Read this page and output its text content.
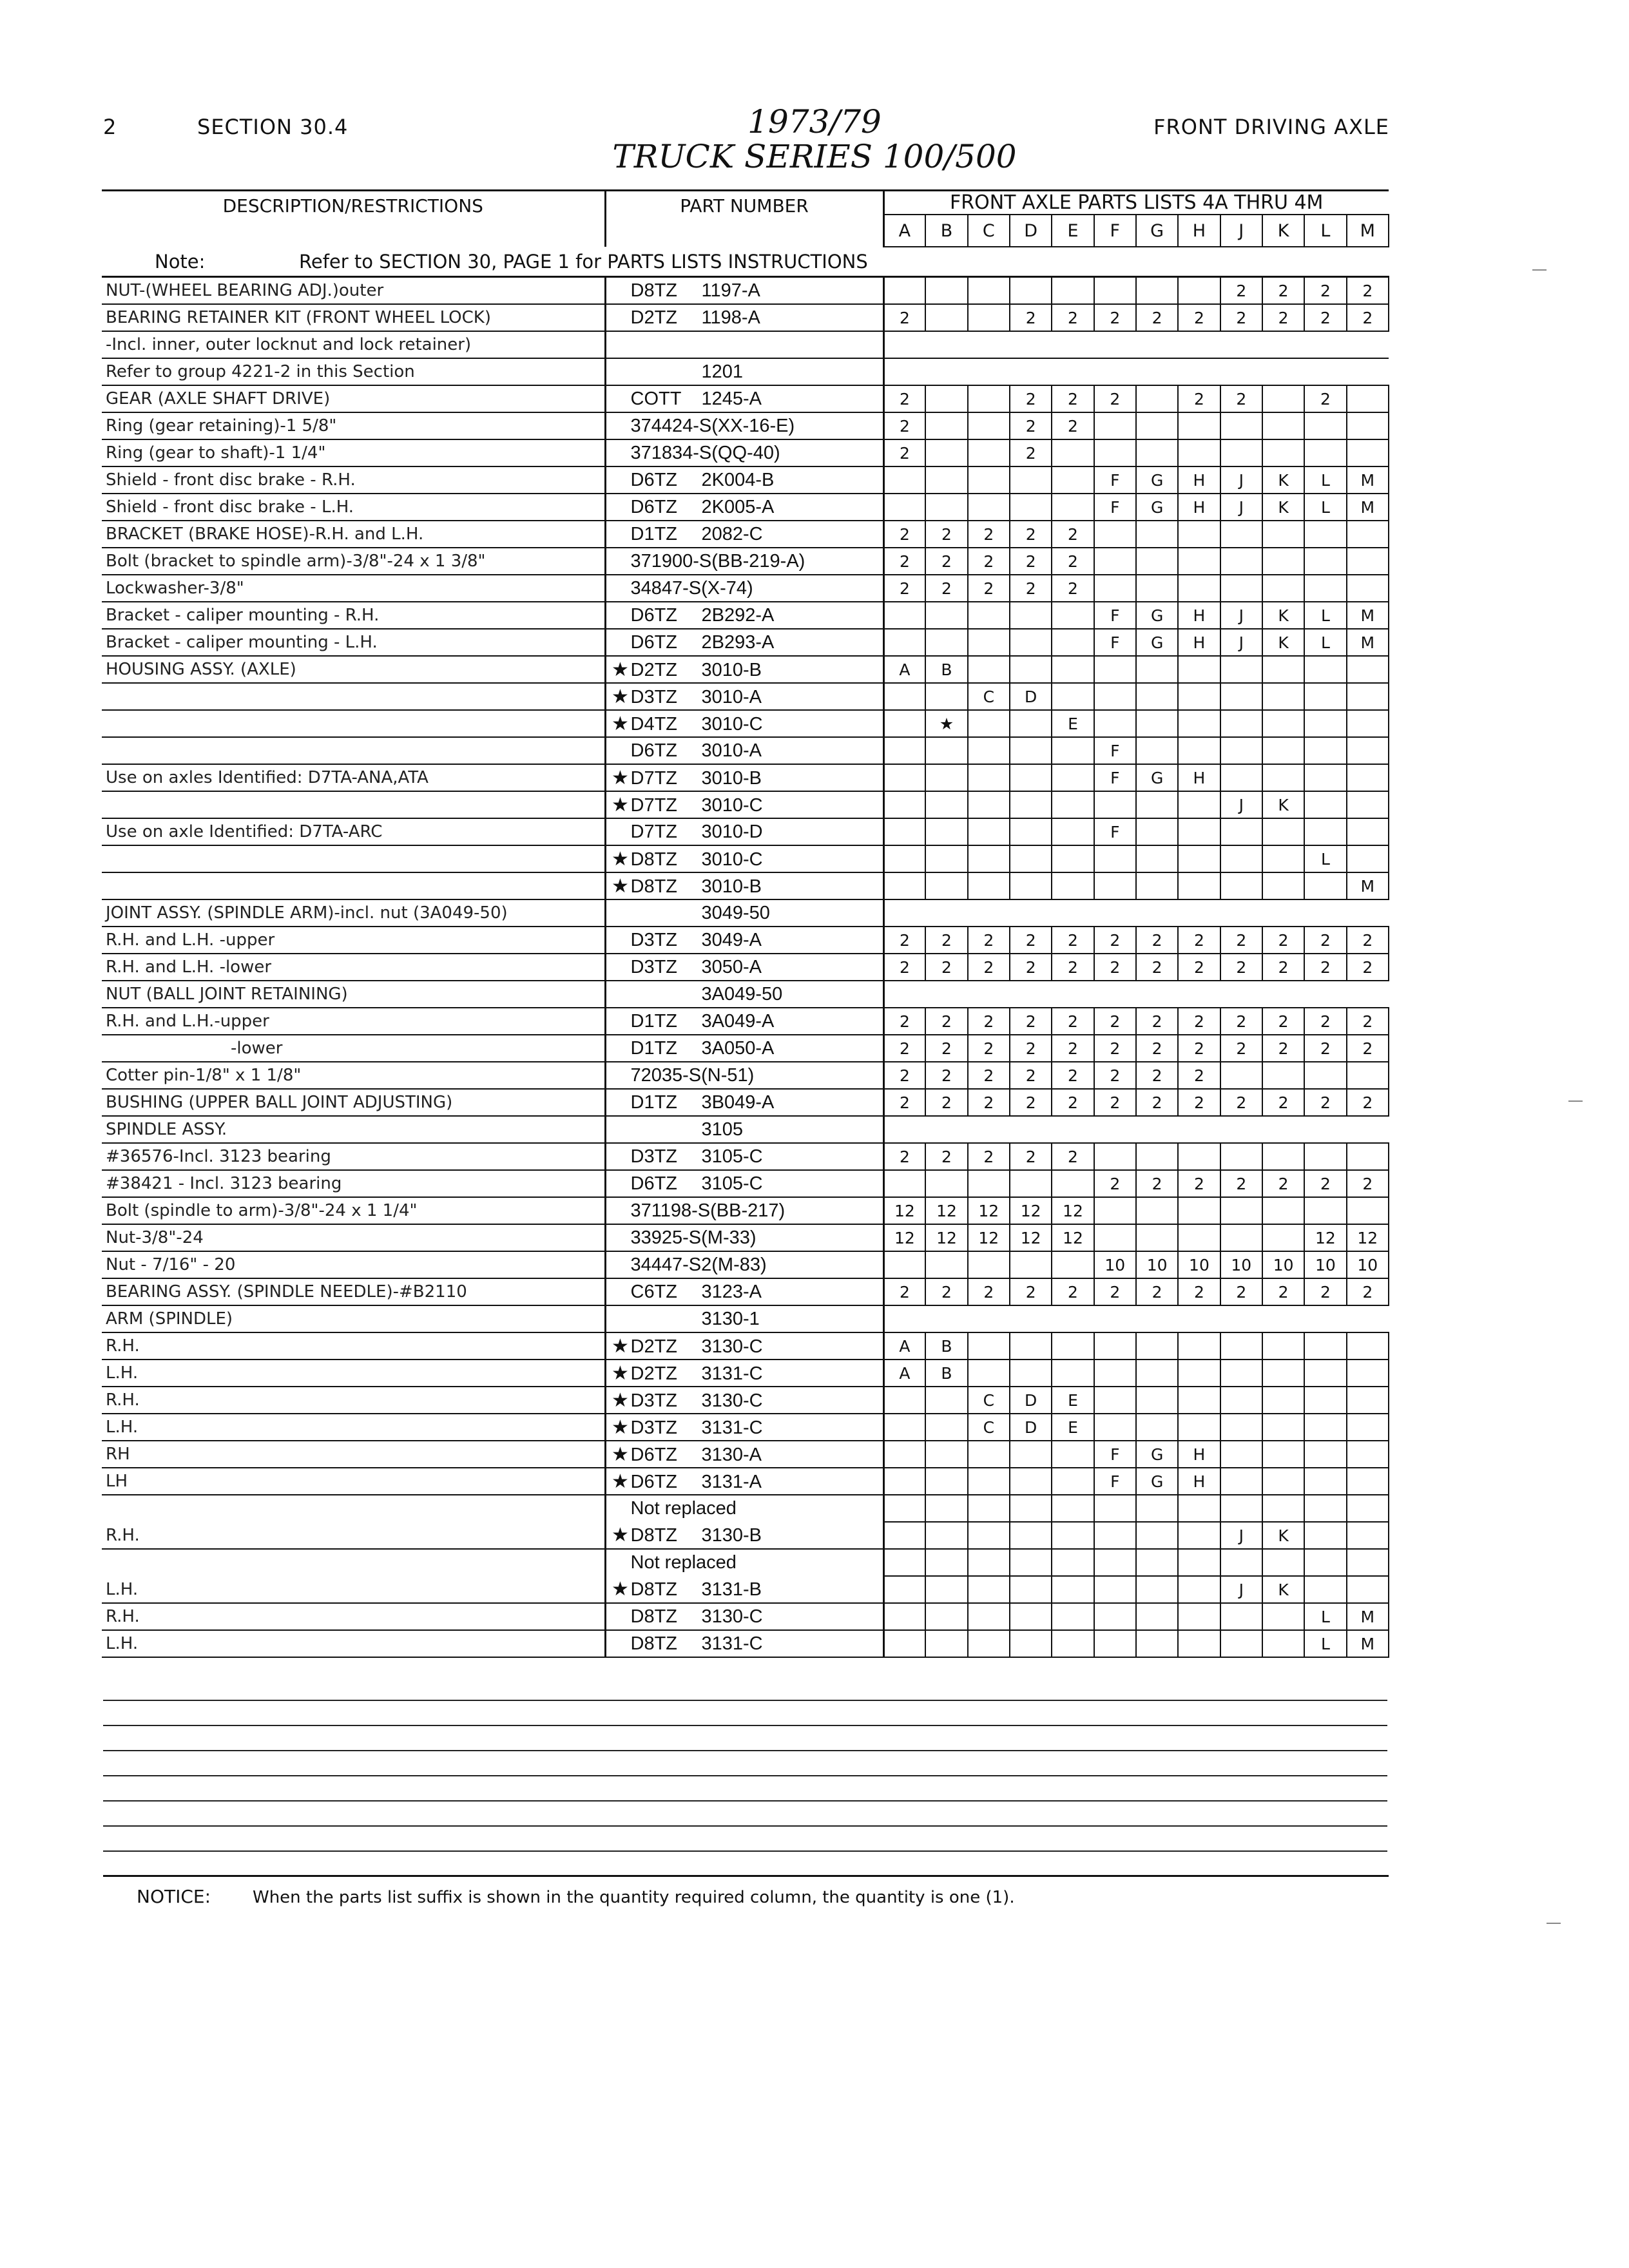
2	SECTION 30.4	1973/79
TRUCK SERIES 100/500
FRONT DRIVING AXLE
DESCRIPTION/RESTRICTIONS	PART NUMBER	FRONT AXLE PARTS LISTS 4A THRU 4M											
		A	B	C	D	E	F	G	H	J	K	L	M
Note: Refer to SECTION 30, PAGE 1 for PARTS LISTS INSTRUCTIONS													
NUT-(WHEEL BEARING ADJ.)outer	D8TZ 1197-A									2	2	2	2
BEARING RETAINER KIT (FRONT WHEEL LOCK)	D2TZ 1198-A	2			2	2	2	2	2	2	2	2	2
-Incl. inner, outer locknut and lock retainer)													
Refer to group 4221-2 in this Section	1201												
GEAR (AXLE SHAFT DRIVE)	COTT 1245-A	2			2	2	2		2	2		2	
Ring (gear retaining)-1 5/8"	374424-S(XX-16-E)	2			2	2							
Ring (gear to shaft)-1 1/4"	371834-S(QQ-40)	2			2								
Shield - front disc brake - R.H.	D6TZ 2K004-B						F	G	H	J	K	L	M
Shield - front disc brake - L.H.	D6TZ 2K005-A						F	G	H	J	K	L	M
BRACKET (BRAKE HOSE)-R.H. and L.H.	D1TZ 2082-C	2	2	2	2	2							
Bolt (bracket to spindle arm)-3/8"-24 x 1 3/8"	371900-S(BB-219-A)	2	2	2	2	2							
Lockwasher-3/8"	34847-S(X-74)	2	2	2	2	2							
Bracket - caliper mounting - R.H.	D6TZ 2B292-A						F	G	H	J	K	L	M
Bracket - caliper mounting - L.H.	D6TZ 2B293-A						F	G	H	J	K	L	M
HOUSING ASSY. (AXLE)	★D2TZ 3010-B	A	B										
	★D3TZ 3010-A			C	D								
	★D4TZ 3010-C		★			E							
	D6TZ 3010-A						F						
Use on axles Identified: D7TA-ANA,ATA	★D7TZ 3010-B						F	G	H				
	★D7TZ 3010-C									J	K		
Use on axle Identified: D7TA-ARC	D7TZ 3010-D						F						
	★D8TZ 3010-C											L	
	★D8TZ 3010-B												M
JOINT ASSY. (SPINDLE ARM)-incl. nut (3A049-50)	3049-50												
R.H. and L.H. -upper	D3TZ 3049-A	2	2	2	2	2	2	2	2	2	2	2	2
R.H. and L.H. -lower	D3TZ 3050-A	2	2	2	2	2	2	2	2	2	2	2	2
NUT (BALL JOINT RETAINING)	3A049-50												
R.H. and L.H.-upper	D1TZ 3A049-A	2	2	2	2	2	2	2	2	2	2	2	2
-lower	D1TZ 3A050-A	2	2	2	2	2	2	2	2	2	2	2	2
Cotter pin-1/8" x 1 1/8"	72035-S(N-51)	2	2	2	2	2	2	2	2				
BUSHING (UPPER BALL JOINT ADJUSTING)	D1TZ 3B049-A	2	2	2	2	2	2	2	2	2	2	2	2
SPINDLE ASSY.	3105												
#36576-Incl. 3123 bearing	D3TZ 3105-C	2	2	2	2	2							
#38421 - Incl. 3123 bearing	D6TZ 3105-C						2	2	2	2	2	2	2
Bolt (spindle to arm)-3/8"-24 x 1 1/4"	371198-S(BB-217)	12	12	12	12	12							
Nut-3/8"-24	33925-S(M-33)	12	12	12	12	12						12	12
Nut - 7/16" - 20	34447-S2(M-83)						10	10	10	10	10	10	10
BEARING ASSY. (SPINDLE NEEDLE)-#B2110	C6TZ 3123-A	2	2	2	2	2	2	2	2	2	2	2	2
ARM (SPINDLE)	3130-1												
R.H.	★D2TZ 3130-C	A	B										
L.H.	★D2TZ 3131-C	A	B										
R.H.	★D3TZ 3130-C			C	D	E							
L.H.	★D3TZ 3131-C			C	D	E							
RH	★D6TZ 3130-A						F	G	H				
LH	★D6TZ 3131-A						F	G	H				
	Not replaced												
R.H.	★D8TZ 3130-B									J	K		
	Not replaced												
L.H.	★D8TZ 3131-B									J	K		
R.H.	D8TZ 3130-C											L	M
L.H.	D8TZ 3131-C											L	M
NOTICE: When the parts list suffix is shown in the quantity required column, the quantity is one (1).
